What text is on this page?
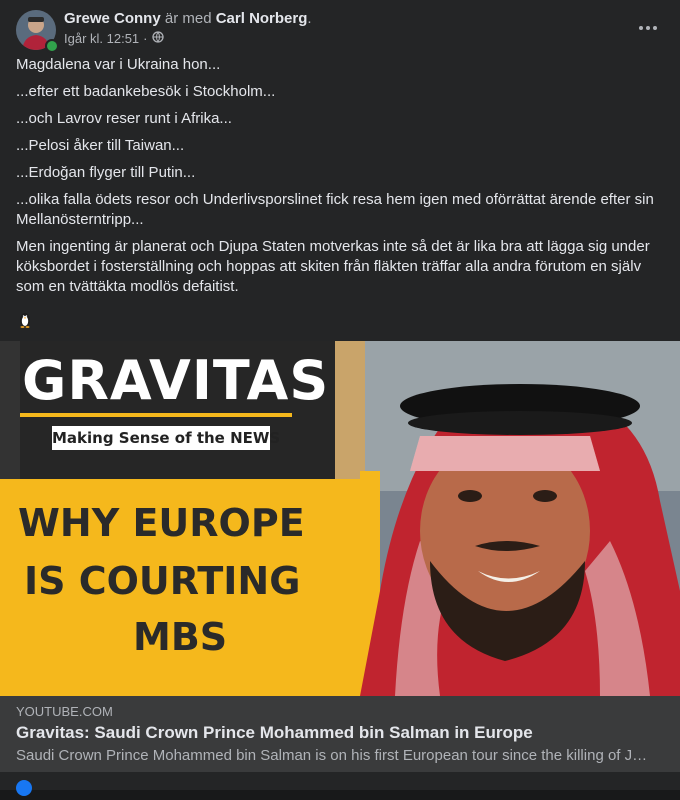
Grewe Conny är med Carl Norberg.
Igår kl. 12:51 ·

Magdalena var i Ukraina hon...

...efter ett badankebesök i Stockholm...

...och Lavrov reser runt i Afrika...

...Pelosi åker till Taiwan...

...Erdoğan flyger till Putin...

...olika falla ödets resor och Underlivsporslinet fick resa hem igen med oförrättat ärende efter sin Mellanösterntripp...

Men ingenting är planerat och Djupa Staten motverkas inte så det är lika bra att lägga sig under köksbordet i fosterställning och hoppas att skiten från fläkten träffar alla andra förutom en själv som en tvättäkta modlös defaitist.

GRAVITAS
Making Sense of the NEWS
WHY EUROPE
IS COURTING
MBS
YOUTUBE.COM
Gravitas: Saudi Crown Prince Mohammed bin Salman in Europe
Saudi Crown Prince Mohammed bin Salman is on his first European tour since the killing of J…
